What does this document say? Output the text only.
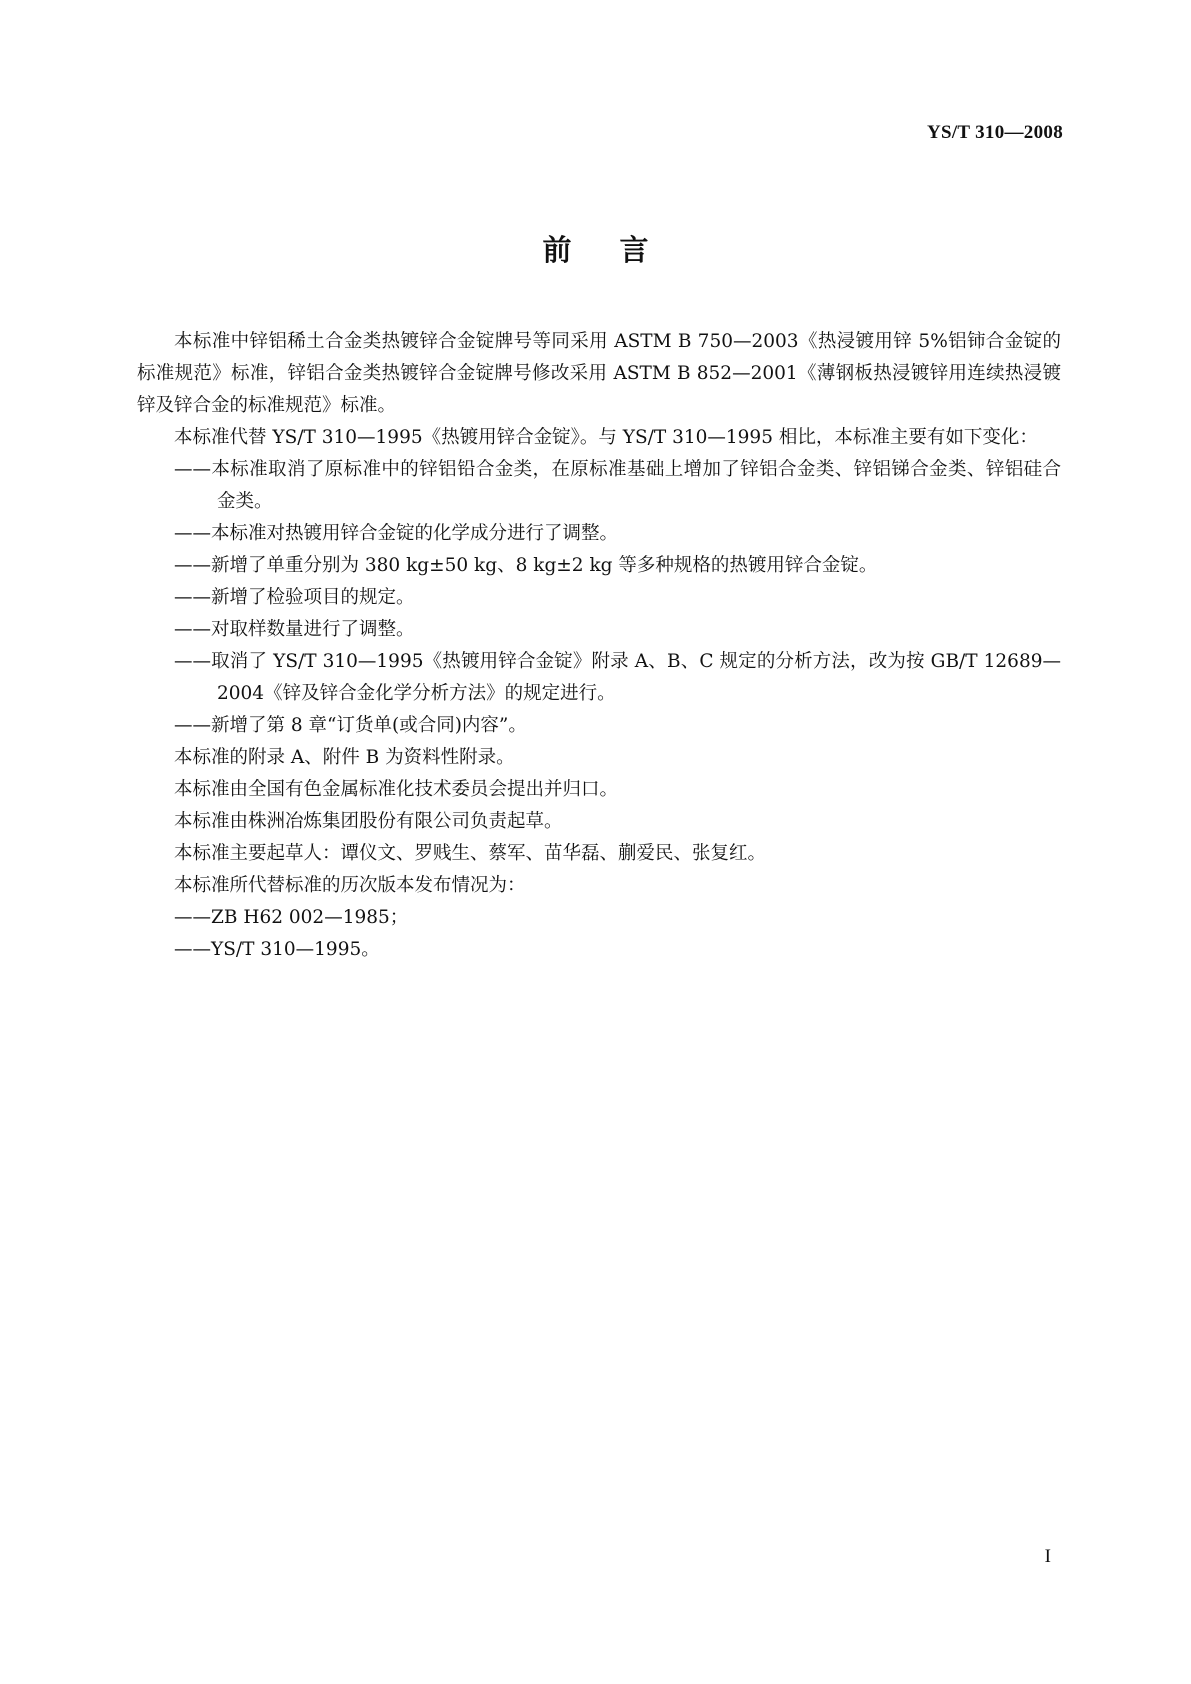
YS/T 310—2008
前言

本标准中锌铝稀土合金类热镀锌合金锭牌号等同采用 ASTM B 750—2003《热浸镀用锌 5%铝铈合金锭的标准规范》标准，锌铝合金类热镀锌合金锭牌号修改采用 ASTM B 852—2001《薄钢板热浸镀锌用连续热浸镀锌及锌合金的标准规范》标准。

本标准代替 YS/T 310—1995《热镀用锌合金锭》。与 YS/T 310—1995 相比，本标准主要有如下变化：

——本标准取消了原标准中的锌铝铅合金类，在原标准基础上增加了锌铝合金类、锌铝锑合金类、锌铝硅合金类。

——本标准对热镀用锌合金锭的化学成分进行了调整。

——新增了单重分别为 380 kg±50 kg、8 kg±2 kg 等多种规格的热镀用锌合金锭。

——新增了检验项目的规定。

——对取样数量进行了调整。

——取消了 YS/T 310—1995《热镀用锌合金锭》附录 A、B、C 规定的分析方法，改为按 GB/T 12689—2004《锌及锌合金化学分析方法》的规定进行。

——新增了第 8 章“订货单(或合同)内容”。

本标准的附录 A、附件 B 为资料性附录。

本标准由全国有色金属标准化技术委员会提出并归口。

本标准由株洲冶炼集团股份有限公司负责起草。

本标准主要起草人：谭仪文、罗贱生、蔡军、苗华磊、蒯爱民、张复红。

本标准所代替标准的历次版本发布情况为：

——ZB H62 002—1985；

——YS/T 310—1995。

I
